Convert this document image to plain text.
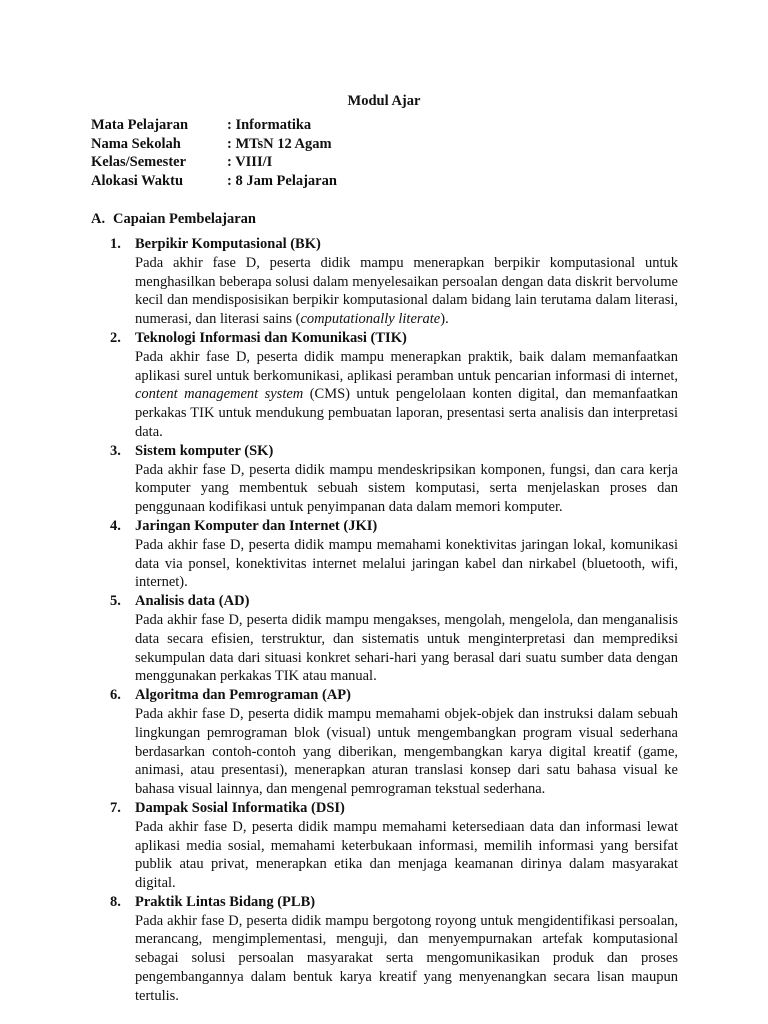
Modul Ajar
Mata Pelajaran	: Informatika
Nama Sekolah	: MTsN 12 Agam
Kelas/Semester	: VIII/I
Alokasi Waktu	: 8 Jam Pelajaran
A. Capaian Pembelajaran
1. Berpikir Komputasional (BK)
Pada akhir fase D, peserta didik mampu menerapkan berpikir komputasional untuk menghasilkan beberapa solusi dalam menyelesaikan persoalan dengan data diskrit bervolume kecil dan mendisposisikan berpikir komputasional dalam bidang lain terutama dalam literasi, numerasi, dan literasi sains (computationally literate).
2. Teknologi Informasi dan Komunikasi (TIK)
Pada akhir fase D, peserta didik mampu menerapkan praktik, baik dalam memanfaatkan aplikasi surel untuk berkomunikasi, aplikasi peramban untuk pencarian informasi di internet, content management system (CMS) untuk pengelolaan konten digital, dan memanfaatkan perkakas TIK untuk mendukung pembuatan laporan, presentasi serta analisis dan interpretasi data.
3. Sistem komputer (SK)
Pada akhir fase D, peserta didik mampu mendeskripsikan komponen, fungsi, dan cara kerja komputer yang membentuk sebuah sistem komputasi, serta menjelaskan proses dan penggunaan kodifikasi untuk penyimpanan data dalam memori komputer.
4. Jaringan Komputer dan Internet (JKI)
Pada akhir fase D, peserta didik mampu memahami konektivitas jaringan lokal, komunikasi data via ponsel, konektivitas internet melalui jaringan kabel dan nirkabel (bluetooth, wifi, internet).
5. Analisis data (AD)
Pada akhir fase D, peserta didik mampu mengakses, mengolah, mengelola, dan menganalisis data secara efisien, terstruktur, dan sistematis untuk menginterpretasi dan memprediksi sekumpulan data dari situasi konkret sehari-hari yang berasal dari suatu sumber data dengan menggunakan perkakas TIK atau manual.
6. Algoritma dan Pemrograman (AP)
Pada akhir fase D, peserta didik mampu memahami objek-objek dan instruksi dalam sebuah lingkungan pemrograman blok (visual) untuk mengembangkan program visual sederhana berdasarkan contoh-contoh yang diberikan, mengembangkan karya digital kreatif (game, animasi, atau presentasi), menerapkan aturan translasi konsep dari satu bahasa visual ke bahasa visual lainnya, dan mengenal pemrograman tekstual sederhana.
7. Dampak Sosial Informatika (DSI)
Pada akhir fase D, peserta didik mampu memahami ketersediaan data dan informasi lewat aplikasi media sosial, memahami keterbukaan informasi, memilih informasi yang bersifat publik atau privat, menerapkan etika dan menjaga keamanan dirinya dalam masyarakat digital.
8. Praktik Lintas Bidang (PLB)
Pada akhir fase D, peserta didik mampu bergotong royong untuk mengidentifikasi persoalan, merancang, mengimplementasi, menguji, dan menyempurnakan artefak komputasional sebagai solusi persoalan masyarakat serta mengomunikasikan produk dan proses pengembangannya dalam bentuk karya kreatif yang menyenangkan secara lisan maupun tertulis.
